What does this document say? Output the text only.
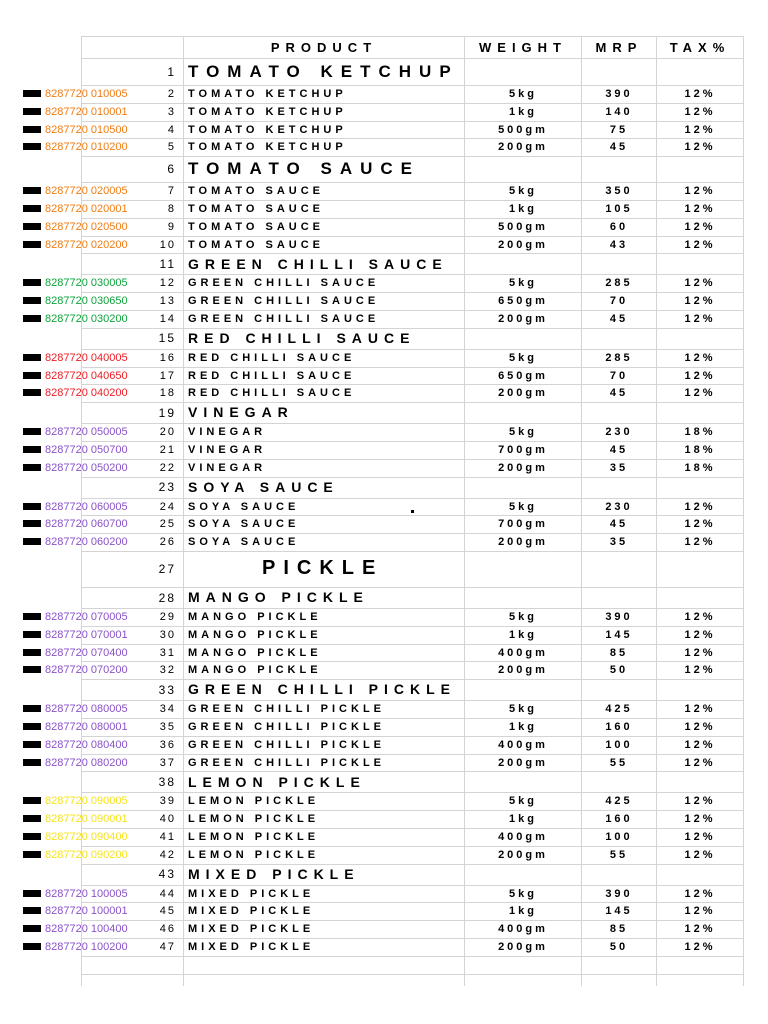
PRODUCT	WEIGHT	MRP	TAX%
1 TOMATO KETCHUP
8287720 010005	2 TOMATO KETCHUP	5kg	390	12%
8287720 010001	3 TOMATO KETCHUP	1kg	140	12%
8287720 010500	4 TOMATO KETCHUP	500gm	75	12%
8287720 010200	5 TOMATO KETCHUP	200gm	45	12%
6 TOMATO SAUCE
8287720 020005	7 TOMATO SAUCE	5kg	350	12%
8287720 020001	8 TOMATO SAUCE	1kg	105	12%
8287720 020500	9 TOMATO SAUCE	500gm	60	12%
8287720 020200	10 TOMATO SAUCE	200gm	43	12%
11 GREEN CHILLI SAUCE
8287720 030005	12 GREEN CHILLI SAUCE	5kg	285	12%
8287720 030650	13 GREEN CHILLI SAUCE	650gm	70	12%
8287720 030200	14 GREEN CHILLI SAUCE	200gm	45	12%
15 RED CHILLI SAUCE
8287720 040005	16 RED CHILLI SAUCE	5kg	285	12%
8287720 040650	17 RED CHILLI SAUCE	650gm	70	12%
8287720 040200	18 RED CHILLI SAUCE	200gm	45	12%
19 VINEGAR
8287720 050005	20 VINEGAR	5kg	230	18%
8287720 050700	21 VINEGAR	700gm	45	18%
8287720 050200	22 VINEGAR	200gm	35	18%
23 SOYA SAUCE
8287720 060005	24 SOYA SAUCE	5kg	230	12%
8287720 060700	25 SOYA SAUCE	700gm	45	12%
8287720 060200	26 SOYA SAUCE	200gm	35	12%
27	PICKLE
28 MANGO PICKLE
8287720 070005	29 MANGO PICKLE	5kg	390	12%
8287720 070001	30 MANGO PICKLE	1kg	145	12%
8287720 070400	31 MANGO PICKLE	400gm	85	12%
8287720 070200	32 MANGO PICKLE	200gm	50	12%
33 GREEN CHILLI PICKLE
8287720 080005	34 GREEN CHILLI PICKLE	5kg	425	12%
8287720 080001	35 GREEN CHILLI PICKLE	1kg	160	12%
8287720 080400	36 GREEN CHILLI PICKLE	400gm	100	12%
8287720 080200	37 GREEN CHILLI PICKLE	200gm	55	12%
38 LEMON PICKLE
8287720 090005	39 LEMON PICKLE	5kg	425	12%
8287720 090001	40 LEMON PICKLE	1kg	160	12%
8287720 090400	41 LEMON PICKLE	400gm	100	12%
8287720 090200	42 LEMON PICKLE	200gm	55	12%
43 MIXED PICKLE
8287720 100005	44 MIXED PICKLE	5kg	390	12%
8287720 100001	45 MIXED PICKLE	1kg	145	12%
8287720 100400	46 MIXED PICKLE	400gm	85	12%
8287720 100200	47 MIXED PICKLE	200gm	50	12%
